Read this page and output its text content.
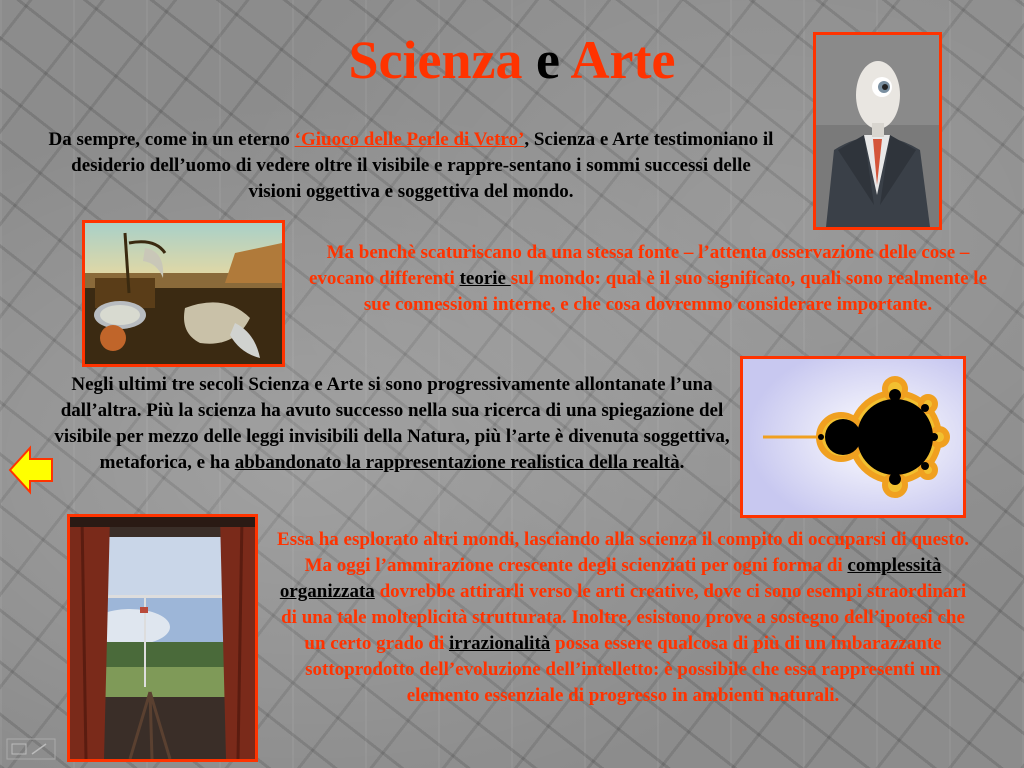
Scienza e Arte
Da sempre, come in un eterno ‘Giuoco delle Perle di Vetro’, Scienza e Arte testimoniano il desiderio dell’uomo di vedere oltre il visibile e rappre-sentano i sommi successi delle visioni oggettiva e soggettiva del mondo.
Ma benchè scaturiscano da una stessa fonte – l’attenta osservazione delle cose – evocano differenti teorie sul mondo: qual è il suo significato, quali sono realmente le sue connessioni interne, e che cosa dovremmo considerare importante.
Negli ultimi tre secoli Scienza e Arte si sono progressivamente allontanate l’una dall’altra. Più la scienza ha avuto successo nella sua ricerca di una spiegazione del visibile per mezzo delle leggi invisibili della Natura, più l’arte è divenuta soggettiva, metaforica, e ha abbandonato la rappresentazione realistica della realtà.
Essa ha esplorato altri mondi, lasciando alla scienza il compito di occuparsi di questo. Ma oggi l’ammirazione crescente degli scienziati per ogni forma di complessità organizzata dovrebbe attirarli verso le arti creative, dove ci sono esempi straordinari di una tale molteplicità strutturata. Inoltre, esistono prove a sostegno dell’ipotesi che un certo grado di irrazionalità possa essere qualcosa di più di un imbarazzante sottoprodotto dell’evoluzione dell’intelletto: è possibile che essa rappresenti un elemento essenziale di progresso in ambienti naturali.
